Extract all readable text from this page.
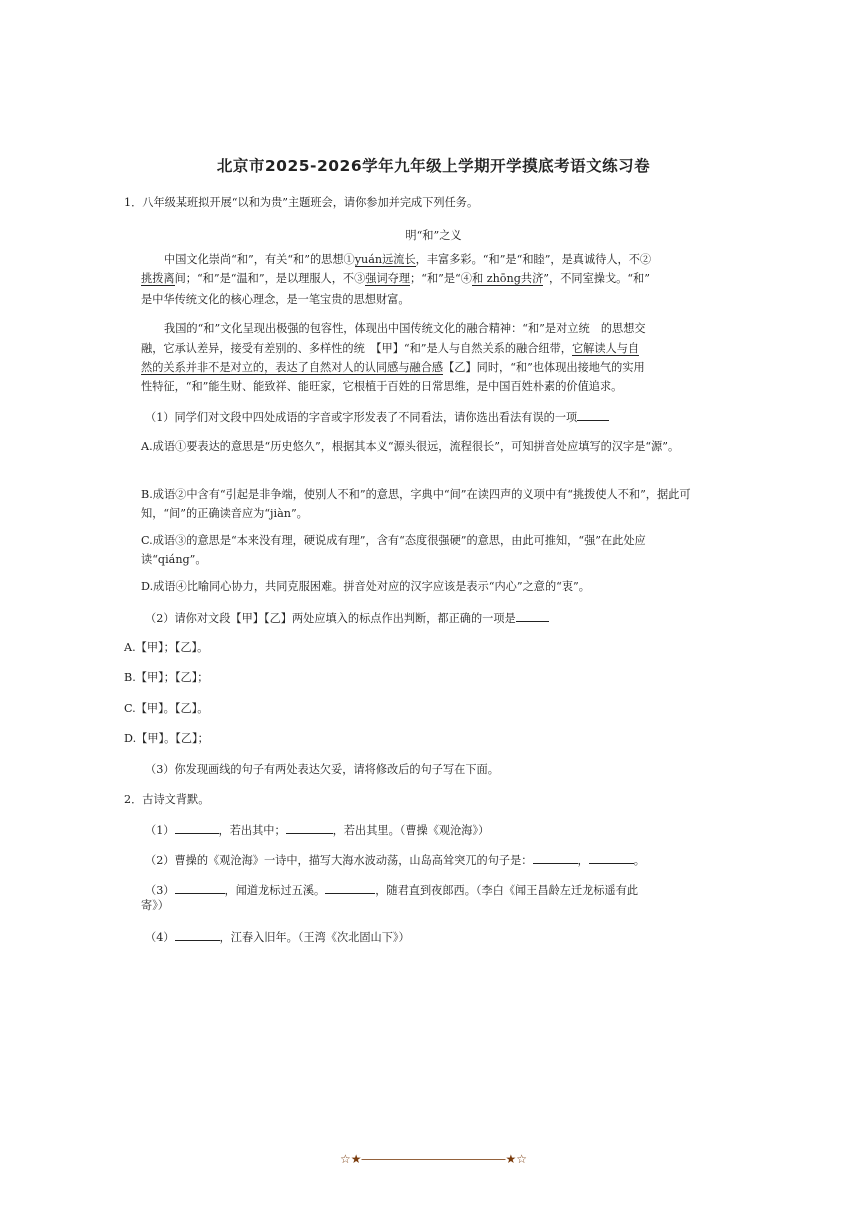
北京市2025-2026学年九年级上学期开学摸底考语文练习卷
1．八年级某班拟开展“以和为贵”主题班会，请你参加并完成下列任务。
明“和”之义
中国文化崇尚“和”，有关“和”的思想①yuán远流长，丰富多彩。“和”是“和睦”，是真诚待人，不②
挑拨离间；“和”是“温和”，是以理服人，不③强词夺理；“和”是“④和 zhōng共济”，不同室操戈。“和”
是中华传统文化的核心理念，是一笔宝贵的思想财富。
我国的“和”文化呈现出极强的包容性，体现出中国传统文化的融合精神：“和”是对立统　的思想交
融，它承认差异，接受有差别的、多样性的统　【甲】“和”是人与自然关系的融合纽带，它解读人与自
然的关系并非不是对立的，表达了自然对人的认同感与融合感【乙】同时，“和”也体现出接地气的实用
性特征，“和”能生财、能致祥、能旺家，它根植于百姓的日常思维，是中国百姓朴素的价值追求。
（1）同学们对文段中四处成语的字音或字形发表了不同看法，请你选出看法有误的一项
A.成语①要表达的意思是“历史悠久”，根据其本义“源头很远，流程很长”，可知拼音处应填写的汉字是“源”。
B.成语②中含有“引起是非争端，使别人不和”的意思，字典中“间”在读四声的义项中有“挑拨使人不和”，据此可知，“间”的正确读音应为“jiàn”。
C.成语③的意思是“本来没有理，硬说成有理”，含有“态度很强硬”的意思，由此可推知，“强”在此处应读“qiáng”。
D.成语④比喻同心协力，共同克服困难。拼音处对应的汉字应该是表示“内心”之意的“衷”。
（2）请你对文段【甲】【乙】两处应填入的标点作出判断，都正确的一项是
A.【甲】；【乙】。
B.【甲】；【乙】；
C.【甲】。【乙】。
D.【甲】。【乙】；
（3）你发现画线的句子有两处表达欠妥，请将修改后的句子写在下面。
2．古诗文背默。
（1）	，若出其中；	，若出其里。（曹操《观沧海》）
（2）曹操的《观沧海》一诗中，描写大海水波动荡，山岛高耸突兀的句子是：	，	。
（3）	，闻道龙标过五溪。	，随君直到夜郎西。（李白《闻王昌龄左迁龙标遥有此
寄》）
（4）	，江春入旧年。（王湾《次北固山下》）
☆★――――――――――――★☆
